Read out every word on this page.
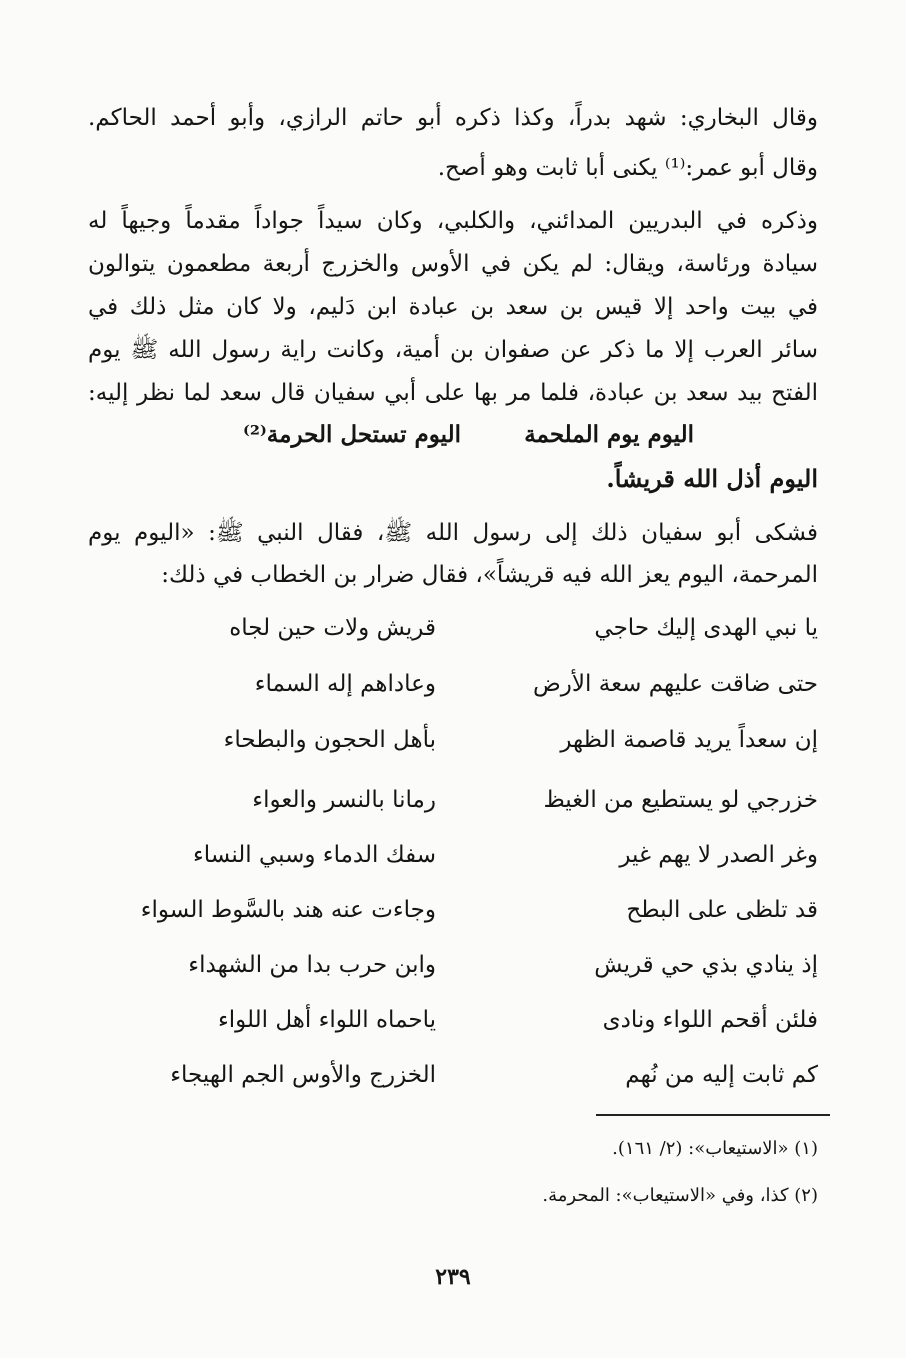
وقال البخاري: شهد بدراً، وكذا ذكره أبو حاتم الرازي، وأبو أحمد الحاكم.
وقال أبو عمر:⁽¹⁾ يكنى أبا ثابت وهو أصح.
وذكره في البدريين المدائني، والكلبي، وكان سيداً جواداً مقدماً وجيهاً له
سيادة ورئاسة، ويقال: لم يكن في الأوس والخزرج أربعة مطعمون يتوالون
في بيت واحد إلا قيس بن سعد بن عبادة ابن دَليم، ولا كان مثل ذلك في
سائر العرب إلا ما ذكر عن صفوان بن أمية، وكانت راية رسول الله ﷺ يوم
الفتح بيد سعد بن عبادة، فلما مر بها على أبي سفيان قال سعد لما نظر إليه:
اليوم يوم الملحمة
اليوم تستحل الحرمة⁽²⁾
اليوم أذل الله قريشاً.
فشكى أبو سفيان ذلك إلى رسول الله ﷺ، فقال النبي ﷺ: «اليوم يوم
المرحمة، اليوم يعز الله فيه قريشاً»، فقال ضرار بن الخطاب في ذلك:
يا نبي الهدى إليك حاجي
قريش ولات حين لجاه
حتى ضاقت عليهم سعة الأرض
وعاداهم إله السماء
إن سعداً يريد قاصمة الظهر
بأهل الحجون والبطحاء
خزرجي لو يستطيع من الغيظ
رمانا بالنسر والعواء
وغر الصدر لا يهم غير
سفك الدماء وسبي النساء
قد تلظى على البطح
وجاءت عنه هند بالسَّوط السواء
إذ ينادي بذي حي قريش
وابن حرب بدا من الشهداء
فلئن أقحم اللواء ونادى
ياحماه اللواء أهل اللواء
كم ثابت إليه من نُهم
الخزرج والأوس الجم الهيجاء
(١) «الاستيعاب»: (٢/ ١٦١).
(٢) كذا، وفي «الاستيعاب»: المحرمة.
٢٣٩
